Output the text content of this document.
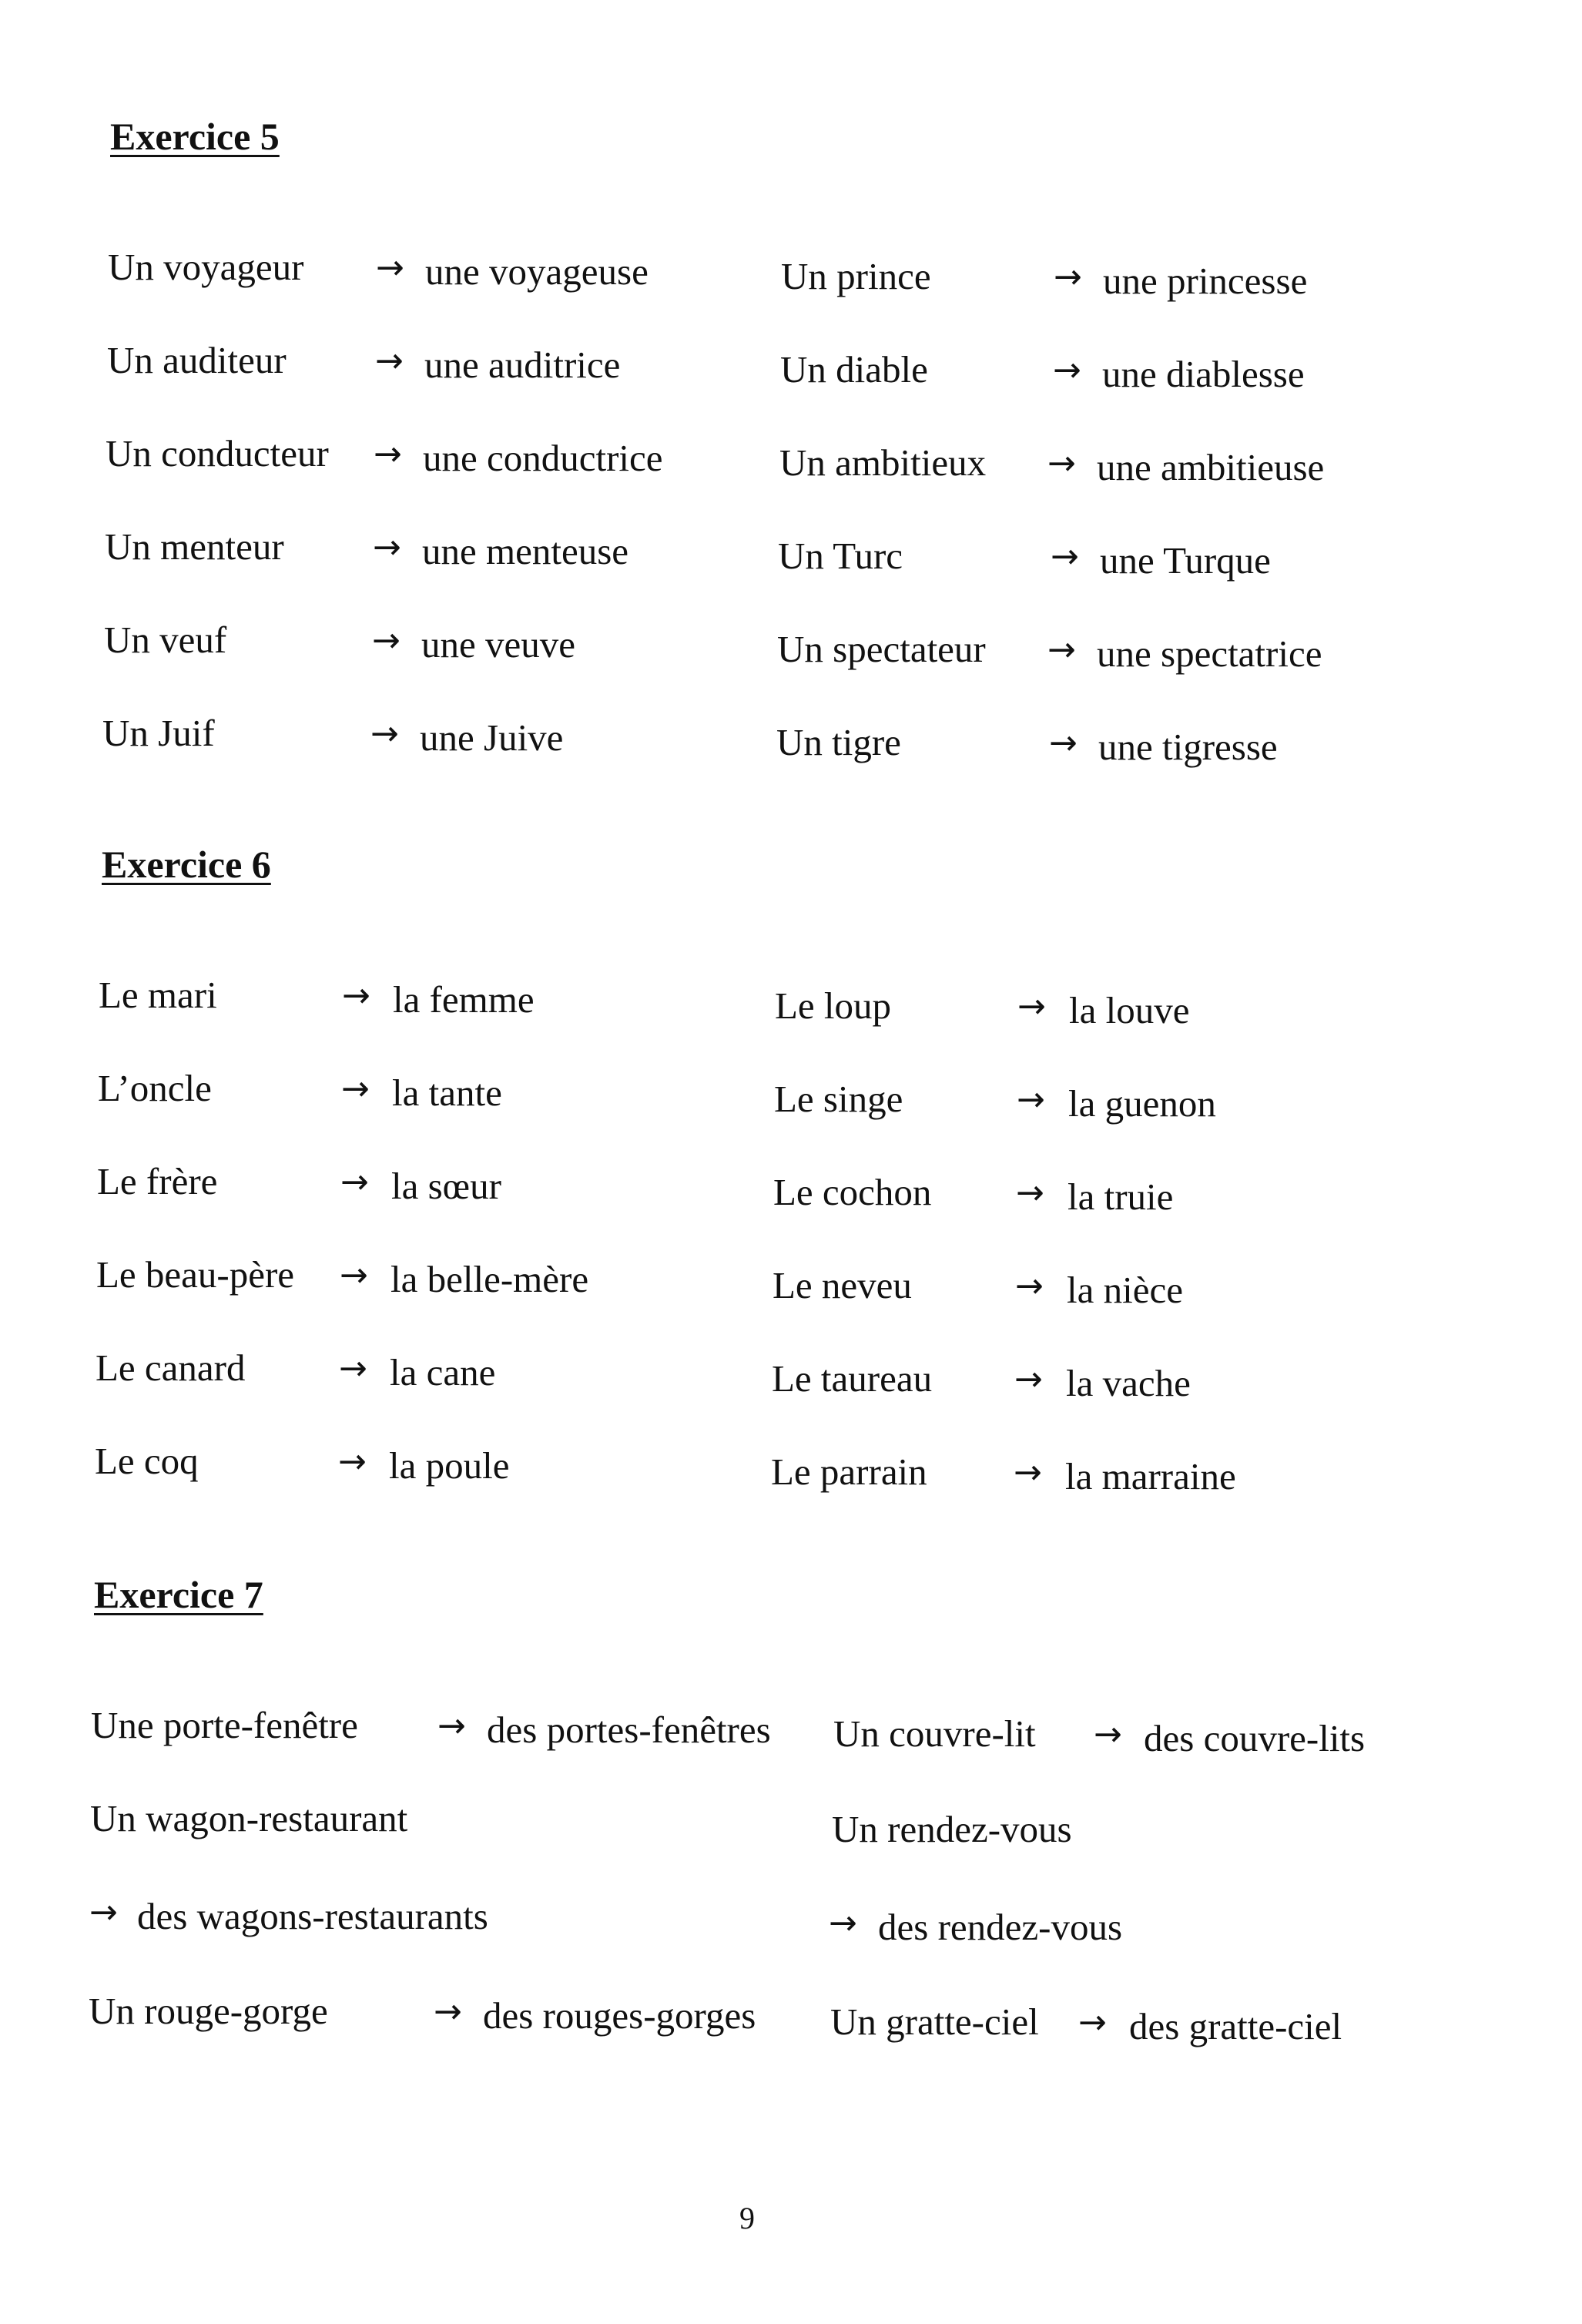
Exercice 5
Un voyageur → une voyageuse
Un auditeur	→ une auditrice
Un conducteur → une conductrice
Un menteur	→ une menteuse
Un veuf	→ une veuve
Un Juif	→ une Juive
Un prince	→ une princesse
Un diable	→ une diablesse
Un ambitieux → une ambitieuse
Un Turc	→ une Turque
Un spectateur → une spectatrice
Un tigre	→ une tigresse
Exercice 6
Le mari	→ la femme
L’oncle	→ la tante
Le frère	→ la sœur
Le beau-père → la belle-mère
Le canard	→ la cane
Le coq	→ la poule
Le loup	→ la louve
Le singe	→ la guenon
Le cochon → la truie
Le neveu	→ la nièce
Le taureau → la vache
Le parrain	→ la marraine
Exercice 7
Une porte-fenêtre → des portes-fenêtres
Un wagon-restaurant
→ des wagons-restaurants
Un rouge-gorge	→ des rouges-gorges
Un couvre-lit → des couvre-lits
Un rendez-vous
→ des rendez-vous
Un gratte-ciel → des gratte-ciel
9
